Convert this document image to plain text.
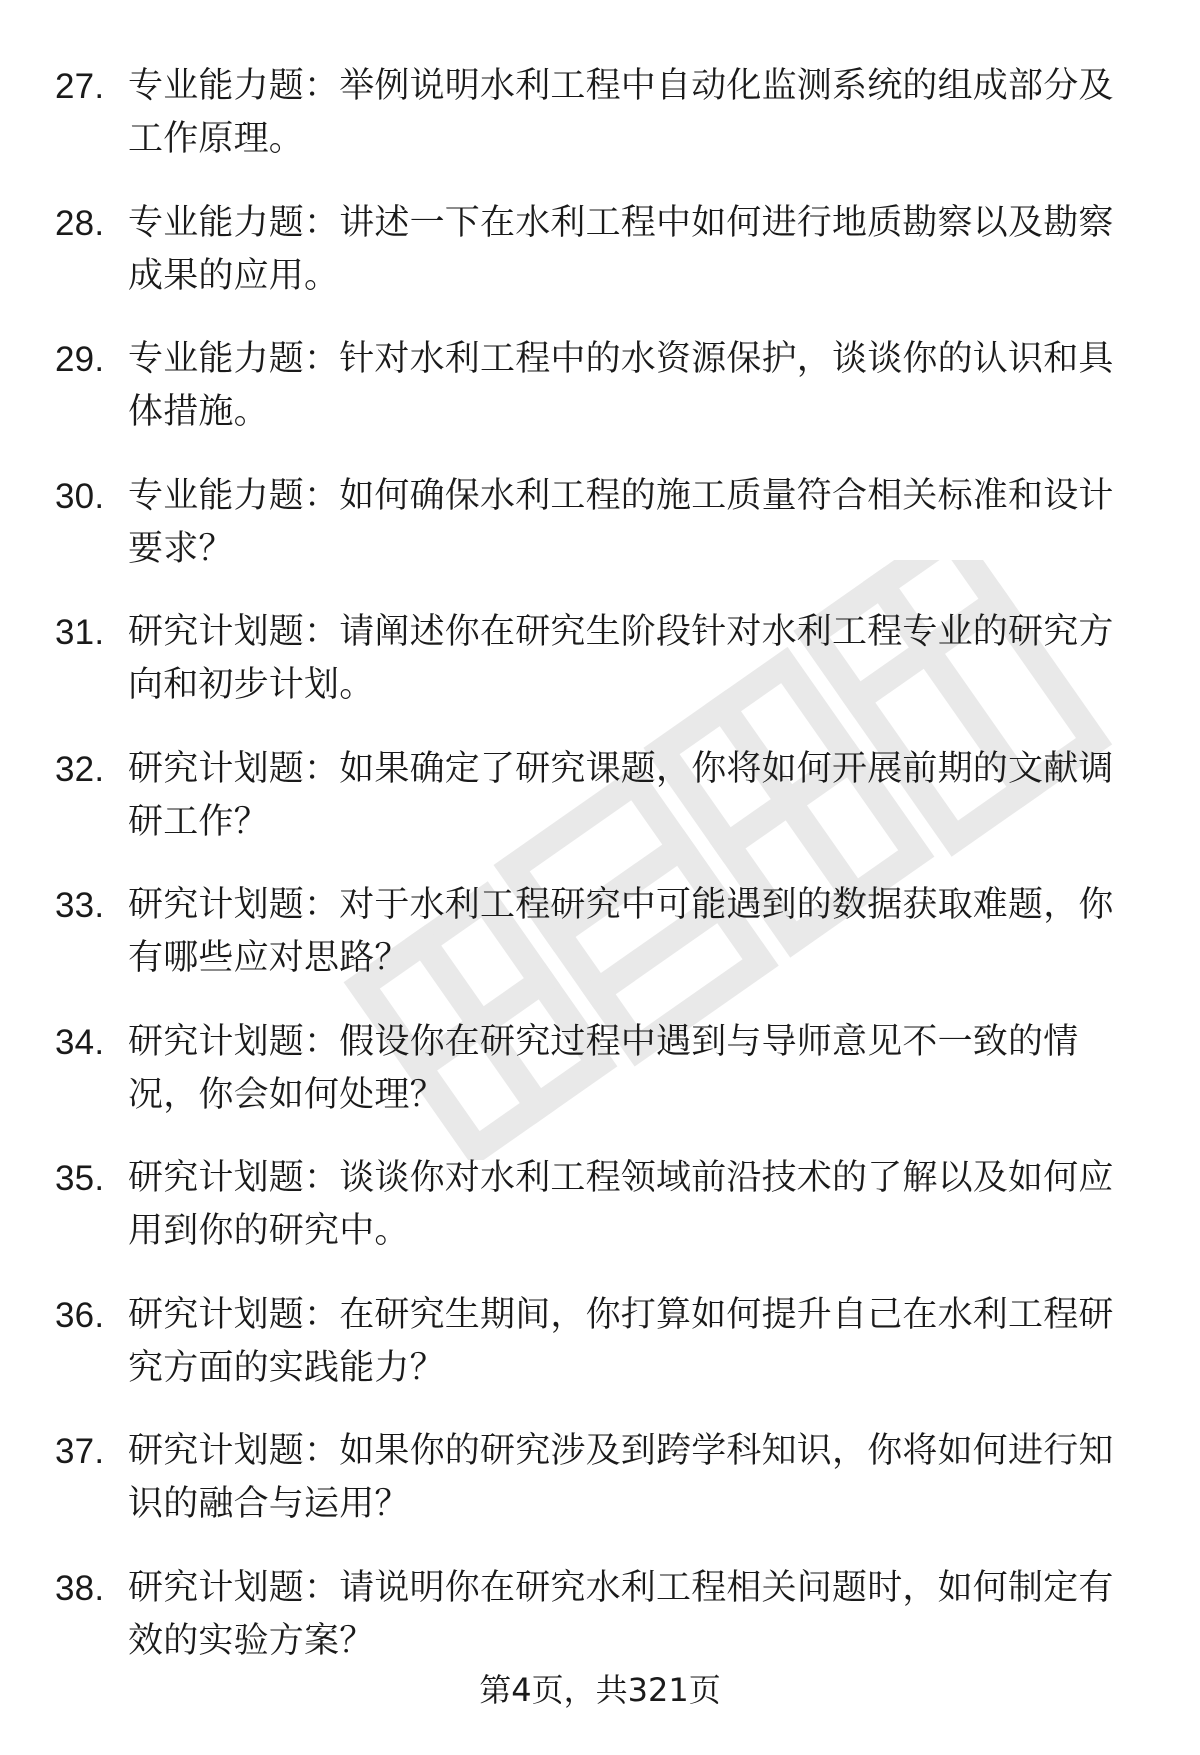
27. 专业能力题：举例说明水利工程中自动化监测系统的组成部分及工作原理。
28. 专业能力题：讲述一下在水利工程中如何进行地质勘察以及勘察成果的应用。
29. 专业能力题：针对水利工程中的水资源保护，谈谈你的认识和具体措施。
30. 专业能力题：如何确保水利工程的施工质量符合相关标准和设计要求？
31. 研究计划题：请阐述你在研究生阶段针对水利工程专业的研究方向和初步计划。
32. 研究计划题：如果确定了研究课题，你将如何开展前期的文献调研工作？
33. 研究计划题：对于水利工程研究中可能遇到的数据获取难题，你有哪些应对思路？
34. 研究计划题：假设你在研究过程中遇到与导师意见不一致的情况，你会如何处理？
35. 研究计划题：谈谈你对水利工程领域前沿技术的了解以及如何应用到你的研究中。
36. 研究计划题：在研究生期间，你打算如何提升自己在水利工程研究方面的实践能力？
37. 研究计划题：如果你的研究涉及到跨学科知识，你将如何进行知识的融合与运用？
38. 研究计划题：请说明你在研究水利工程相关问题时，如何制定有效的实验方案？
第4页，共321页
